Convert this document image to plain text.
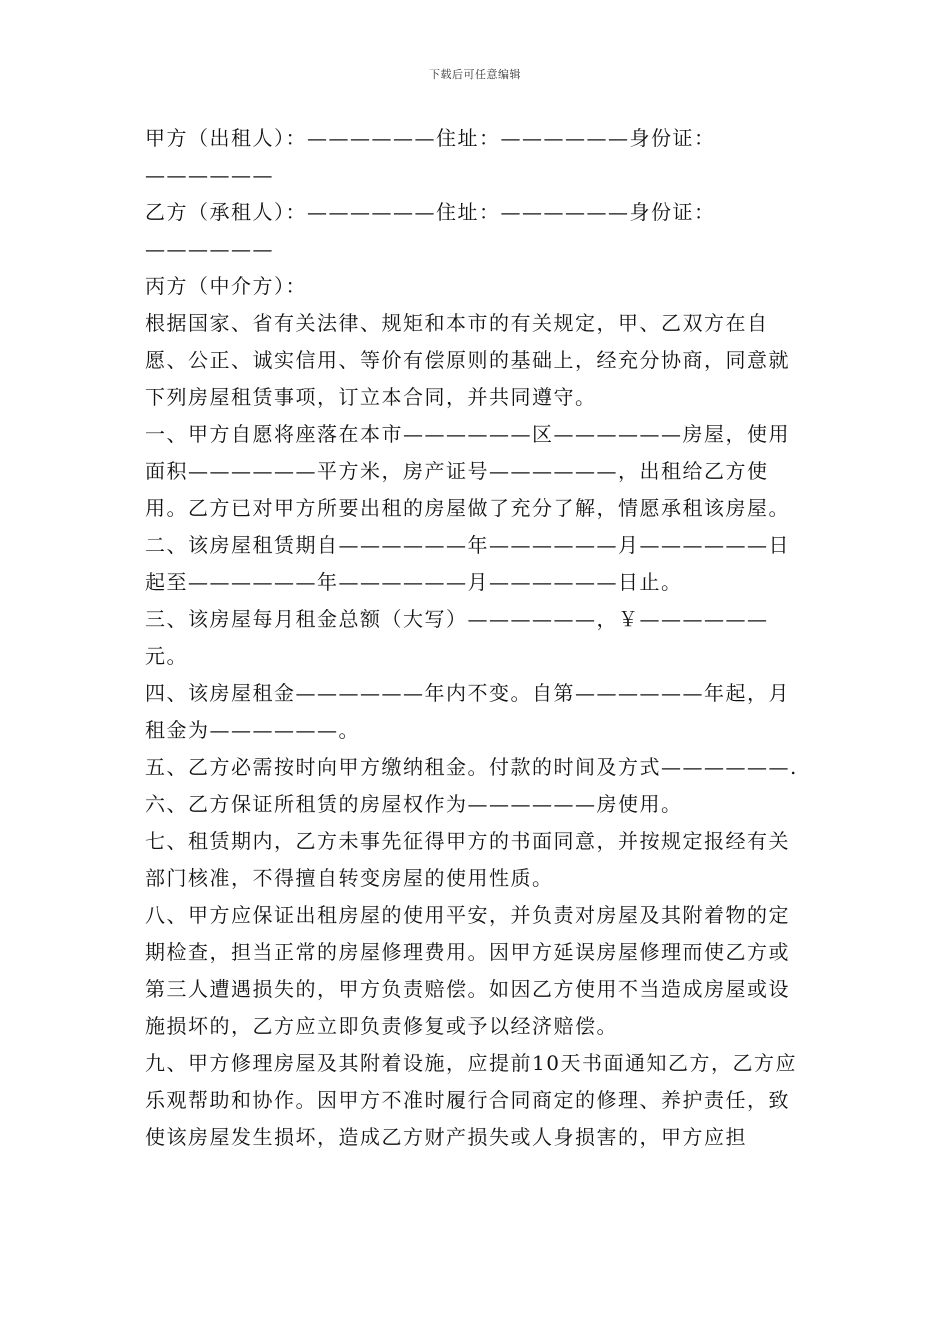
下载后可任意编辑

甲方（出租人）：——————住址：——————身份证：——————

乙方（承租人）：——————住址：——————身份证：——————

丙方（中介方）：

根据国家、省有关法律、规矩和本市的有关规定，甲、乙双方在自愿、公正、诚实信用、等价有偿原则的基础上，经充分协商，同意就下列房屋租赁事项，订立本合同，并共同遵守。

一、甲方自愿将座落在本市——————区——————房屋，使用面积——————平方米，房产证号——————，出租给乙方使用。乙方已对甲方所要出租的房屋做了充分了解，情愿承租该房屋。

二、该房屋租赁期自——————年——————月——————日起至——————年——————月——————日止。

三、该房屋每月租金总额（大写）——————，￥——————元。

四、该房屋租金——————年内不变。自第——————年起，月租金为——————。

五、乙方必需按时向甲方缴纳租金。付款的时间及方式——————.

六、乙方保证所租赁的房屋权作为——————房使用。

七、租赁期内，乙方未事先征得甲方的书面同意，并按规定报经有关部门核准，不得擅自转变房屋的使用性质。

八、甲方应保证出租房屋的使用平安，并负责对房屋及其附着物的定期检查，担当正常的房屋修理费用。因甲方延误房屋修理而使乙方或第三人遭遇损失的，甲方负责赔偿。如因乙方使用不当造成房屋或设施损坏的，乙方应立即负责修复或予以经济赔偿。

九、甲方修理房屋及其附着设施，应提前10天书面通知乙方，乙方应乐观帮助和协作。因甲方不准时履行合同商定的修理、养护责任，致使该房屋发生损坏，造成乙方财产损失或人身损害的，甲方应担
